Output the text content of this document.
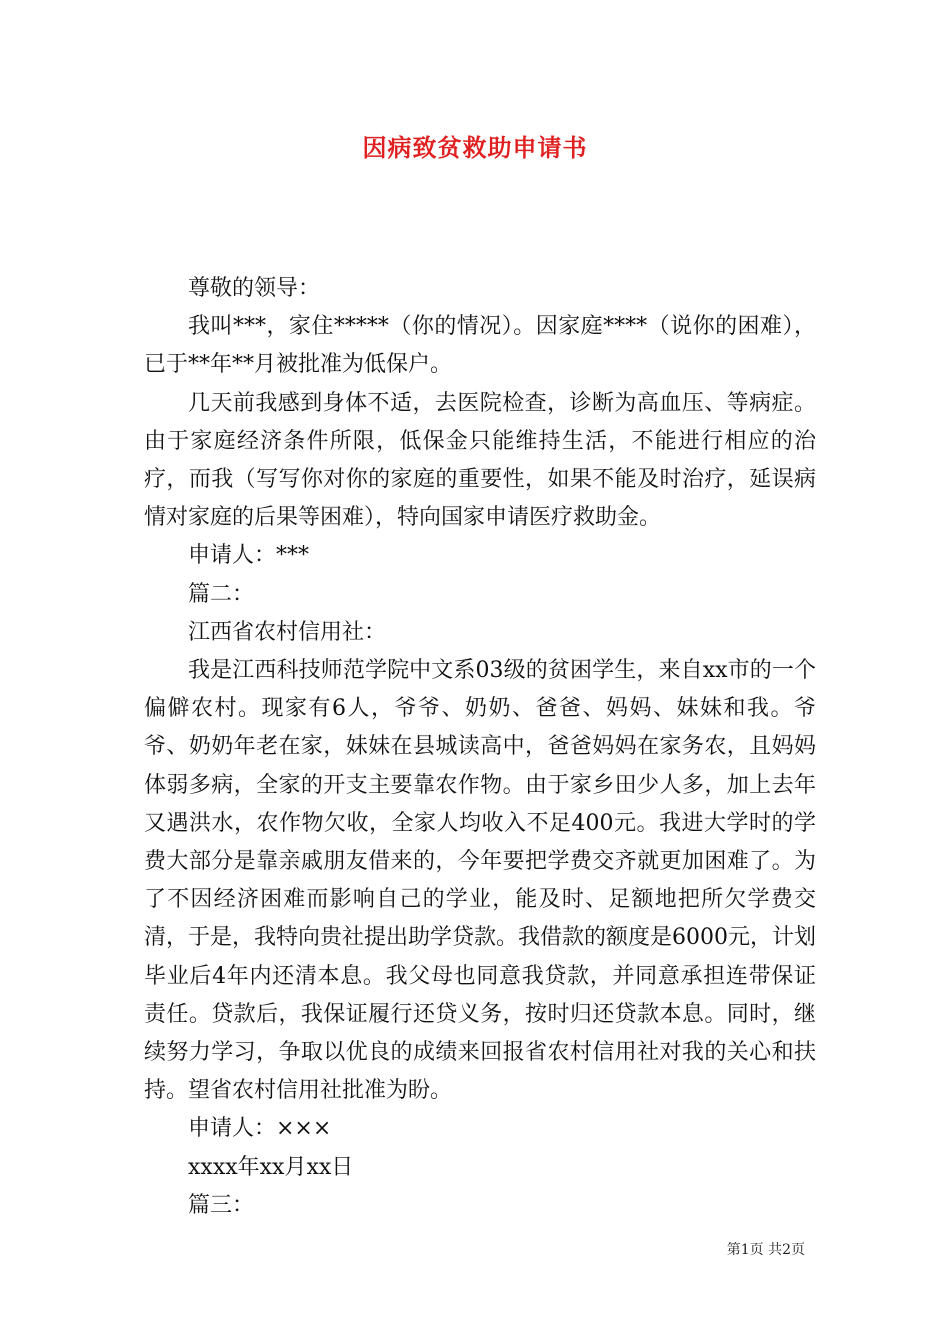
因病致贫救助申请书

尊敬的领导：

我叫***，家住*****（你的情况）。因家庭****（说你的困难），已于**年**月被批准为低保户。

几天前我感到身体不适，去医院检查，诊断为高血压、等病症。由于家庭经济条件所限，低保金只能维持生活，不能进行相应的治疗，而我（写写你对你的家庭的重要性，如果不能及时治疗，延误病情对家庭的后果等困难），特向国家申请医疗救助金。

申请人：***

篇二：

江西省农村信用社：

我是江西科技师范学院中文系03级的贫困学生，来自xx市的一个偏僻农村。现家有6人，爷爷、奶奶、爸爸、妈妈、妹妹和我。爷爷、奶奶年老在家，妹妹在县城读高中，爸爸妈妈在家务农，且妈妈体弱多病，全家的开支主要靠农作物。由于家乡田少人多，加上去年又遇洪水，农作物欠收，全家人均收入不足400元。我进大学时的学费大部分是靠亲戚朋友借来的，今年要把学费交齐就更加困难了。为了不因经济困难而影响自己的学业，能及时、足额地把所欠学费交清，于是，我特向贵社提出助学贷款。我借款的额度是6000元，计划毕业后4年内还清本息。我父母也同意我贷款，并同意承担连带保证责任。贷款后，我保证履行还贷义务，按时归还贷款本息。同时，继续努力学习，争取以优良的成绩来回报省农村信用社对我的关心和扶持。望省农村信用社批准为盼。

申请人：×××

xxxx年xx月xx日

篇三：

第1页 共2页
